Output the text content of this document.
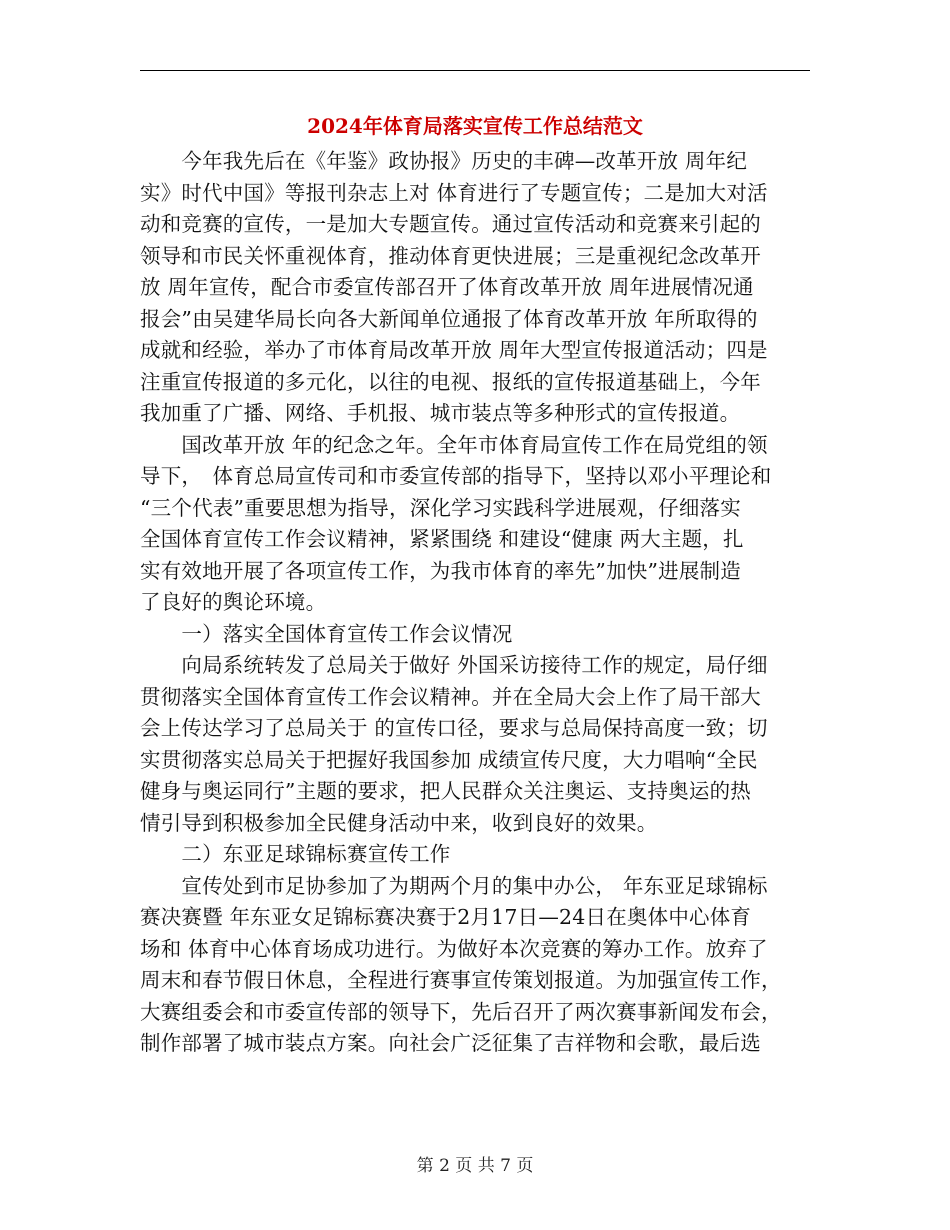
2024年体育局落实宣传工作总结范文

　　今年我先后在《年鉴》政协报》历史的丰碑—改革开放 周年纪
实》时代中国》等报刊杂志上对 体育进行了专题宣传；二是加大对活
动和竞赛的宣传，一是加大专题宣传。通过宣传活动和竞赛来引起的
领导和市民关怀重视体育，推动体育更快进展；三是重视纪念改革开
放 周年宣传，配合市委宣传部召开了体育改革开放 周年进展情况通
报会”由吴建华局长向各大新闻单位通报了体育改革开放 年所取得的
成就和经验，举办了市体育局改革开放 周年大型宣传报道活动；四是
注重宣传报道的多元化，以往的电视、报纸的宣传报道基础上，今年
我加重了广播、网络、手机报、城市装点等多种形式的宣传报道。

　　国改革开放 年的纪念之年。全年市体育局宣传工作在局党组的领
导下，　体育总局宣传司和市委宣传部的指导下，坚持以邓小平理论和
“三个代表”重要思想为指导，深化学习实践科学进展观，仔细落实
全国体育宣传工作会议精神，紧紧围绕 和建设“健康 两大主题，扎
实有效地开展了各项宣传工作，为我市体育的率先”加快”进展制造
了良好的舆论环境。

　　一）落实全国体育宣传工作会议情况

　　向局系统转发了总局关于做好 外国采访接待工作的规定，局仔细
贯彻落实全国体育宣传工作会议精神。并在全局大会上作了局干部大
会上传达学习了总局关于 的宣传口径，要求与总局保持高度一致；切
实贯彻落实总局关于把握好我国参加 成绩宣传尺度，大力唱响“全民
健身与奥运同行”主题的要求，把人民群众关注奥运、支持奥运的热
情引导到积极参加全民健身活动中来，收到良好的效果。

　　二）东亚足球锦标赛宣传工作

　　宣传处到市足协参加了为期两个月的集中办公， 年东亚足球锦标
赛决赛暨 年东亚女足锦标赛决赛于2月17日—24日在奥体中心体育
场和 体育中心体育场成功进行。为做好本次竞赛的筹办工作。放弃了
周末和春节假日休息，全程进行赛事宣传策划报道。为加强宣传工作，
大赛组委会和市委宣传部的领导下，先后召开了两次赛事新闻发布会，
制作部署了城市装点方案。向社会广泛征集了吉祥物和会歌，最后选

第 2 页 共 7 页
